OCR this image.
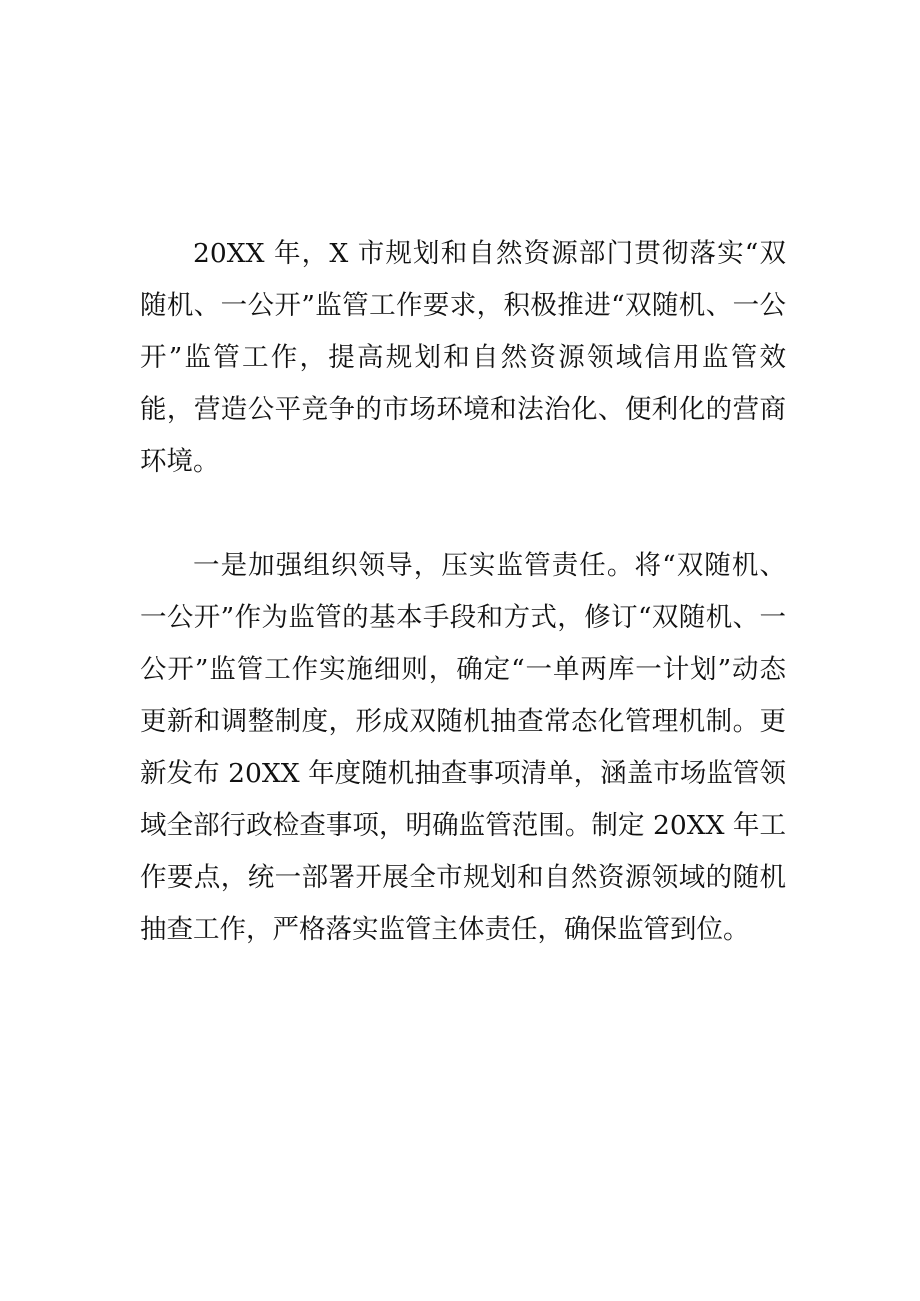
20XX 年，X 市规划和自然资源部门贯彻落实“双随机、一公开”监管工作要求，积极推进“双随机、一公开”监管工作，提高规划和自然资源领域信用监管效能，营造公平竞争的市场环境和法治化、便利化的营商环境。

一是加强组织领导，压实监管责任。将“双随机、一公开”作为监管的基本手段和方式，修订“双随机、一公开”监管工作实施细则，确定“一单两库一计划”动态更新和调整制度，形成双随机抽查常态化管理机制。更新发布 20XX 年度随机抽查事项清单，涵盖市场监管领域全部行政检查事项，明确监管范围。制定 20XX 年工作要点，统一部署开展全市规划和自然资源领域的随机抽查工作，严格落实监管主体责任，确保监管到位。
